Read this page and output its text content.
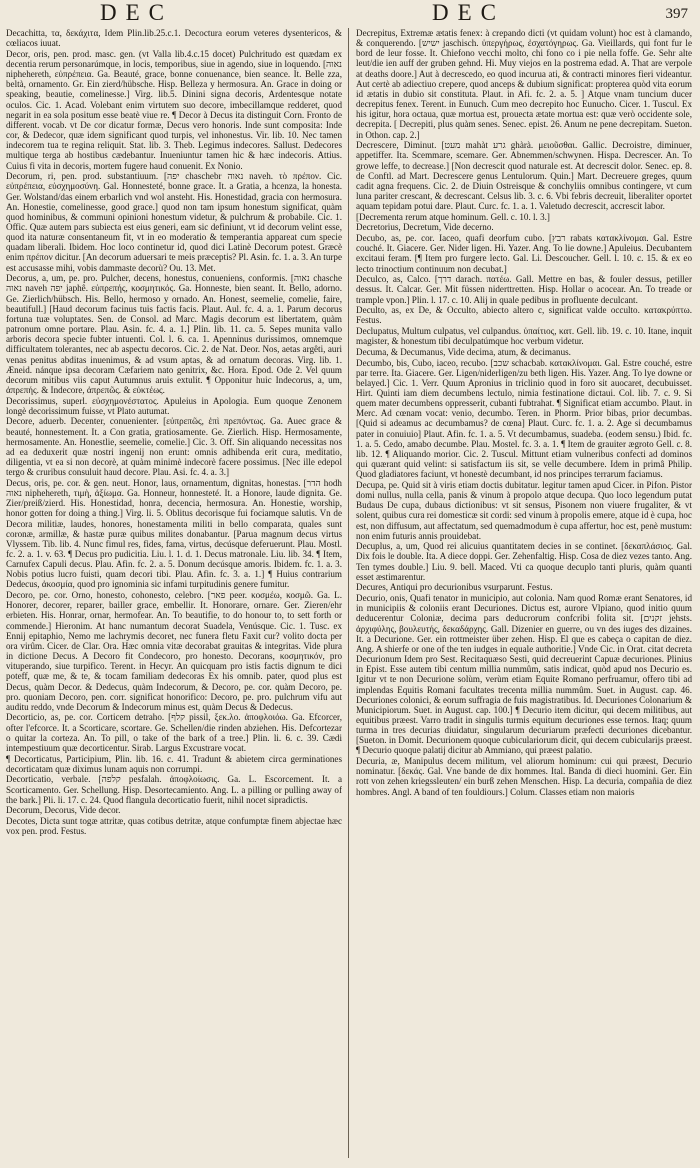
DEC	DEC	397

Decachitta, τα, δεκάχιτα, Idem Plin.lib.25.c.1. Decoctura eorum veteres dysentericos, & cœliacos iuuat.

Decor, oris, pen. prod. masc. gen. (vt Valla lib.4.c.15 docet) Pulchritudo est quædam ex decentia rerum personarúmque, in locis, temporibus, siue in agendo, siue in loquendo. [נאוה niphehereth, εὐπρέπεια. Ga. Beauté, grace, bonne conuenance, bien seance. It. Belle zza, beltà, ornamento. Gr. Ein zierd/hübsche. Hisp. Belleza y hermosura. An. Grace in doing or speaking, beautie, comelinesse.] Virg. lib.5. Dinini signa decoris, Ardentesque notate oculos. Cic. 1. Acad. Volebant enim virtutem suo decore, imbecillamque redderet, quod negarit in ea sola positum esse beatè viue re. ¶ Decor à Decus ita distinguit Corn. Fronto de different. vocab. vt De cor dicatur formæ, Decus vero honoris. Inde sunt composita: Inde cor, & Dedecor, quæ idem significant quod turpis, vel inhonestus. Vir. lib. 10. Nec tamen indecorem tua te regina reliquit. Stat. lib. 3. Theb. Legimus indecores. Sallust. Dedecores multique terga ab hostibus cædebantur. Inueniuntur tamen hic & hæc indecoris. Attius. Cuius fi vita in decoris, mortem fugere haud conuenit. Ex Nonio.

Decorum, ri, pen. prod. substantiuum. [יפה chaschebr נאוה naveh. τὸ πρέπον. Cic. εὐπρέπεια, εὐσχημοσύνη. Gal. Honnesteté, bonne grace. It. a Gratia, a hcenza, la honesta. Ger. Wolstand/das einem erbarlich vnd wol ansteht. His. Honestidad, gracia con hermosura. An. Honestie, comelinesse, good grace.] quod non tam ipsum honestum significat, quàm quod hominibus, & communi opinioni honestum videtur, & pulchrum & probabile. Cic. 1. Offic. Quæ autem pars subiecta est eius generi, eam sic definiunt, vt id decorum velint esse, quod ita naturæ consentaneum fit, vt in eo moderatio & temperantia appareat cum specie quadam liberali. Ibidem. Hoc loco continetur id, quod dici Latinè Decorum potest. Græcè enim πρέπον dicitur. [An decorum aduersari te meis præceptis? Pl. Asin. fc. 1. a. 3. An turpe est accusasse mihi, vobis dammaste decorù? Ou. 13. Met.

Decorus, a, um, pe. pro. Pulcher, decens, honestus, conueniens, conformis. [נאוה chasche נאוה naveh יפה japhê. εὐπρεπής, κοσμητικός. Ga. Honneste, bien seant. It. Bello, adorno. Ge. Zierlich/hübsch. His. Bello, hermoso y ornado. An. Honest, seemelie, comelie, faire, beautifull.] [Haud decorum facinus tuis factis facis. Plaut. Aul. fc. 4. a. 1. Parum decorus fortuna tuæ voluptates. Sen. de Consol. ad Marc. Magis decorum est libertatem, quàm patronum omne portare. Plau. Asin. fc. 4. a. 1.] Plin. lib. 11. ca. 5. Sepes munita vallo arboris decora specie fubter intuenti. Col. l. 6. ca. 1. Apenninus durissimos, omnemque difficultatem tolerantes, nec ab aspectu decoros. Cic. 2. de Nat. Deor. Nos, aetas argêti, auri venas penitus abditas inuenimus, & ad vsum aptas, & ad ornatum decoras. Virg. lib. 1. Æneid. nánque ipsa decoram Cæfariem nato genitrix, &c. Hora. Epod. Ode 2. Vel quum decorum mitibus viis caput Autumnus aruis extulit. ¶ Opponitur huic Indecorus, a, um, ἀπρεπής. & Indecore, ἀπρεπῶς. & εὐκτέως.

Decorissimus, superl. εὐσχημονέστατος. Apuleius in Apologia. Eum quoque Zenonem longè decorissimum fuisse, vt Plato autumat.

Decore, aduerb. Decenter, conuenienter. [εὐπρεπῶς, ἐπὶ πρεπόντως. Ga. Auec grace & beauté, honnestement. It. a Con gratia, gratiosamente. Ge. Zierlich. Hisp. Hermosamente, hermosamente. An. Honestlie, seemelie, comelie.] Cic. 3. Off. Sin aliquando necessitas nos ad ea deduxerit quæ nostri ingenij non erunt: omnis adhibenda erit cura, meditatio, diligentia, vt ea si non decorè, at quàm minimè indecorè facere possimus. [Nec ille edepol tergo & cruribus consuluit haud decore. Plau. Asi. fc. 4. a. 3.]

Decus, oris, pe. cor. & gen. neut. Honor, laus, ornamentum, dignitas, honestas. [הדר hodh נאוה niphehereth, τιμὴ, ἀξίωμα. Ga. Honneur, honnesteté. It. a Honore, laude dignita. Ge. Zier/preiß/zierd. His. Honestidad, honra, decencia, hermosura. An. Honestie, worship, honor gotten for doing a thing.] Virg. li. 5. Oblitus decorisque fui fociamque salutis. Vn de Decora militiæ, laudes, honores, honestamenta militi in bello comparata, quales sunt coronæ, armillæ, & hastæ puræ quibus milites donabantur. [Parua magnum decus virtus Vlyssem. Tib. lib. 4. Nunc fimul res, fides, fama, virtus, decúsque deferuerunt. Plau. Mostl. fc. 2. a. 1. v. 63. ¶ Decus pro pudicitia. Liu. l. 1. d. 1. Decus matronale. Liu. lib. 34. ¶ Item, Carnufex Capuli decus. Plau. Afin. fc. 2. a. 5. Donum decúsque amoris. Ibidem. fc. 1. a. 3. Nobis potius lucro fuisti, quam decori tibi. Plau. Afin. fc. 3. a. 1.] ¶ Huius contrarium Dedecus, ἀκοσμία, quod pro ignominia sic infami turpitudinis genere fumitur.

Decoro, pe. cor. Orno, honesto, cohonesto, celebro. [פאר peer. κοσμέω, κοσμῶ. Ga. L. Honorer, decorer, reparer, bailler grace, embellir. It. Honorare, ornare. Ger. Zieren/ehr erbieten. His. Honrar, ornar, hermofear. An. To beautifie, to do honour to, to sett forth or commende.] Hieronim. At hanc numantum decorat Suadela, Venúsque. Cic. 1. Tusc. ex Ennij epitaphio, Nemo me lachrymis decoret, nec funera fletu Faxit cur? volito docta per ora virûm. Cicer. de Clar. Ora. Hæc omnia vitæ decorabat grauitas & integritas. Vide plura in dictione Decus. A Decoro fit Condecoro, pro honesto. Decorans, κοσμητικόν, pro vituperando, siue turpifico. Terent. in Hecyr. An quicquam pro istis factis dignum te dici poteff, quæ me, & te, & tocam familiam dedecoras Ex his omnib. pater, quod plus est Decus, quàm Decor. & Dedecus, quàm Indecorum, & Decoro, pe. cor. quàm Decoro, pe. pro. quoniam Decoro, pen. corr. significat honorifico: Decoro, pe. pro. pulchrum vifu aut auditu reddo, vnde Decorum & Indecorum minus est, quàm Decus & Dedecus.

Decorticio, as, pe. cor. Corticem detraho. [קלף pissil, ξεκ.λο. ἀποφλοιόω. Ga. Efcorcer, ofter l'efcorce. It. a Scorticare, scortare. Ge. Schellen/die rinden abziehen. His. Defcortezar o quitar la corteza. An. To pill, o take of the bark of a tree.] Plin. li. 6. c. 39. Cædi intempestiuum quæ decorticentur. Sirab. Largus Excustrare vocat.

¶ Decorticatus, Participium, Plin. lib. 16. c. 41. Tradunt & abietem circa germinationes decorticatam quæ diximus lunam aquis non corrumpi.

Decorticatio, verbale. [קלפה pesfalah. ἀποφλοίωσις. Ga. L. Escorcement. It. a Scorticamento. Ger. Schellung. Hisp. Desortecamiento. Ang. L. a pilling or pulling away of the bark.] Pli. li. 17. c. 24. Quod flangula decorticatio fuerit, nihil nocet sipradictis.

Decorum, Decorus, Vide decor.

Decotes, Dicta sunt togæ attritæ, quas cotibus detritæ, atque confumptæ finem abjectae hæc vox pen. prod. Festus.

Decrepitus, Extremæ ætatis fenex: à crepando dicti (vt quidam volunt) hoc est à clamando, & conquerendo. [ישיש jaschisch. ὑπεργήρως, ἐσχατόγηρως. Ga. Vieillards, qui font fur le bord de leur fosse. It. Chiefono vecchi molto, chi fono co i pie nella foffe. Ge. Sehr alte leut/die ien auff der gruben gehnd. Hi. Muy viejos en la postrema edad. A. That are verpole at deaths doore.] Aut à decrescedo, eo quod incurua ati, & contracti minores fieri videantur. Aut certè ab adiectiuo crepere, quod anceps & dubium significat: propterea quòd vita eorum id ætatis in dubio sit constituta. Plaut. in Afi. fc. 2. a. 5. ] Atque vnam tuncium ducer decrepitus fenex. Terent. in Eunuch. Cum meo decrepito hoc Eunucho. Cicer. 1. Tuscul. Ex his igitur, hora octaua, quæ mortua est, prouecta ætate mortua est: quæ verò occidente sole, decrepita. [ Decrepiti, plus quàm senes. Senec. epist. 26. Anum ne pene decrepitam. Sueton. in Othon. cap. 2.]

Decrescere, Diminut. [מעט mahàt גרע ghàrà. μειοῦσθαι. Gallic. Decroistre, diminuer, appetiffer. Ita. Scemmare, scemare. Ger. Abnemmen/schwynen. Hispa. Decrescer. An. To growe leffe, to decrease.] [Non decrescit quod naturale est. At decrescit dolor. Senec. ep. 8. de Conftl. ad Mart. Decrescere genus Lentulorum. Quin.] Mart. Decreuere greges, quum cadit agna frequens. Cic. 2. de Diuin Ostreisque & conchyliis omnibus contingere, vt cum luna pariter crescant, & decrescant. Celsus lib. 3. c. 6. Vbi febris decreuit, liberaliter oportet aquam tepidam potui dare. Plaut. Curc. fc. 1. a. 1. Valetudo decrescit, accrescit labor.

[Decrementa rerum atque hominum. Gell. c. 10. l. 3.]

Decretorius, Decretum, Vide decerno.

Decubo, as, pe. cor. Iaceo, quafi deorfum cubo. [רבץ rabats κατακλίνομαι. Gal. Estre couché. It. Giacere. Ger. Nider ligen. Hi. Yazer. Ang. To lie downe.] Apuleius. Decubantem excitaui feram. [¶ Item pro furgere lecto. Gal. Li. Descoucher. Gell. l. 10. c. 15. & ex eo lecto trinoctium continuum non decubat.]

Deculco, as, Calco. [דרך darach. πατέω. Gall. Mettre en bas, & fouler dessus, petiller dessus. It. Calcar. Ger. Mit füssen niderttretten. Hisp. Hollar o acocear. An. To treade or trample vpon.] Plin. l. 17. c. 10. Alij in quale pedibus in profluente deculcant.

Deculto, as, ex De, & Occulto, abiecto altero c, significat valde occulto. κατακρύπτω. Festus.

Declupatus, Multum culpatus, vel culpandus. ὑπαίτιος, κατ. Gell. lib. 19. c. 10. Itane, inquit magister, & honestum tibi deculpatúmque hoc verbum videtur.

Decuma, & Decumanus, Vide decima, atum, & decimanus.

Decumbo, bis, Cubo, iaceo, recubo. [שכב schacbab. κατακλίνομαι. Gal. Estre couché, estre par terre. Ita. Giacere. Ger. Ligen/niderligen/zu beth ligen. His. Yazer. Ang. To lye downe or belayed.] Cic. 1. Verr. Quum Apronius in triclinio quod in foro sit auocaret, decubuisset. Hirt. Quinti iam diem decumbens lectulo, nimia festinatione dictaui. Col. lib. 7. c. 9. Si quem mater decumbens oppresserit, cubanti fubtrahat. ¶ Significat etiam accumbo. Plaut. in Merc. Ad cœnam vocat: venio, decumbo. Teren. in Phorm. Prior bibas, prior decumbas. [Quid si adeamus ac decumbamus? de cœna] Plaut. Curc. fc. 1. a. 2. Age si decumbamus pater in conuiuio] Plaut. Afin. fc. 1. a. 5. Vt decumbamus, suadeba. (eodem sensu.) Ibid. fc. 1. a. 5. Cedo, amabo decumbe. Plau. Mostel. fc. 3. a. 1. ¶ Item de grauiter ægroto Gell. c. 8. lib. 12. ¶ Aliquando morior. Cic. 2. Tuscul. Mittunt etiam vulneribus confecti ad dominos qui quærant quid velint: si satisfactum iis sit, se velle decumbere. Idem in primâ Philip. Quod gladiatores faciunt, vt honestè decumbant, id nos principes terrarum faciamus.

Decupa, pe. Quid sit à viris etiam doctis dubitatur. legitur tamen apud Cicer. in Pifon. Pistor domi nullus, nulla cella, panis & vinum à propolo atque decupa. Quo loco legendum putat Budaus De cupa, dubaus dictionibus: vt sit sensus, Pisonem non viuere frugaliter, & vt solent, quibus cura rei domesticæ sit cordi: sed vinum à propolis emere, atque id è cupa, hoc est, non diffusum, aut affectatum, sed quemadmodum è cupa affertur, hoc est, penè mustum: non enim futuris annis prouidebat.

Decuplus, a, um, Quod rei alicuius quantitatem decies in se continet. [δεκαπλάσιος. Gal. Dix fois le double. Ita. A diece doppi. Ger. Zehenfaltig. Hisp. Cosa de diez vezes tanto. Ang. Ten tymes double.] Liu. 9. bell. Maced. Vti ca quoque decuplo tanti pluris, quàm quanti esset æstimarentur.

Decures, Antiqui pro decurionibus vsurparunt. Festus.

Decurio, onis, Quafi tenator in municipio, aut colonia. Nam quod Romæ erant Senatores, id in municipiis & coloniis erant Decuriones. Dictus est, aurore Vlpiano, quod initio quum deducerentur Coloniæ, decima pars deducrorum confcribi folita sit. [זקנים jehsts. ἀρχιφύλης, βουλευτής, δεκαδάρχης. Gall. Dizenier en guerre, ou vn des iuges des dizaines. It. a Decurione. Ger. ein rottmeister über zehen. Hisp. El que es cabeça o capitan de diez. Ang. A shierfe or one of the ten iudges in equale authoritie.] Vnde Cic. in Orat. citat decreta Decurionum Idem pro Sest. Recitaquæso Sesti, quid decreuerint Capuæ decuriones. Plinius in Epist. Esse autem tibi centum millia nummûm, satis indicat, quòd apud nos Decurio es. Igitur vt te non Decurione solùm, verùm etiam Equite Romano perfruamur, offero tibi ad implendas Equitis Romani facultates trecenta millia nummûm. Suet. in August. cap. 46. Decuriones colonici, & eorum suffragia de fuis magistratibus. Id. Decuriones Colonarium & Municipiorum. Suet. in August. cap. 100.] ¶ Decurio item dicitur, qui decem militibus, aut equitibus præest. Varro tradit in singulis turmis equitum decuriones esse ternos. Itaq; quum turma in tres decurias diuidatur, singularum decuriarum præfecti decuriones dicebantur. [Sueton. in Domit. Decurionem quoque cubiculariorum dicit, qui decem cubicularijs præest. ¶ Decurio quoque palatij dicitur ab Ammiano, qui præest palatio.

Decuria, æ, Manipulus decem militum, vel aliorum hominum: cui qui præest, Decurio nominatur. [δεκάς. Gal. Vne bande de dix hommes. Ital. Banda di dieci huomini. Ger. Ein rott von zehen kriegssleuten/ ein burß zehen Menschen. Hisp. La decuria, compañia de diez hombres. Angl. A band of ten fouldiours.] Colum. Classes etiam non maioris
